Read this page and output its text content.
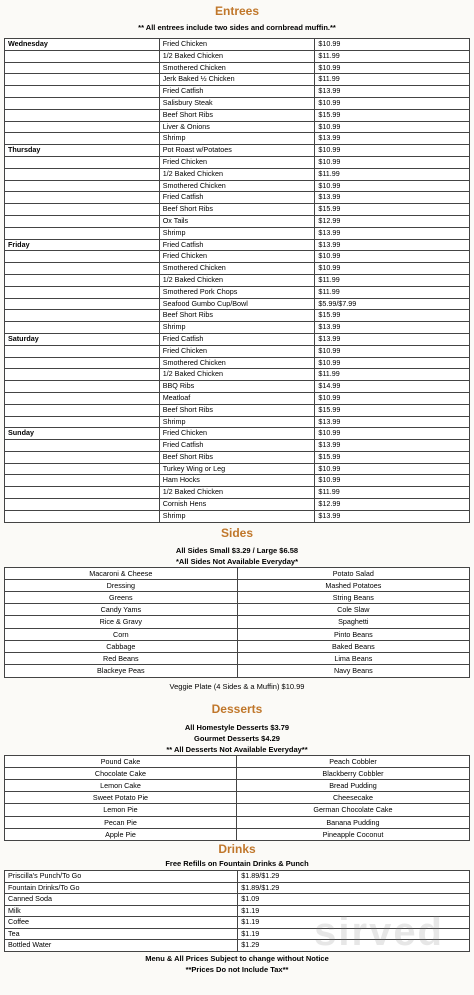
Entrees
** All entrees include two sides and cornbread muffin.**
Wednesday	Fried Chicken	$10.99
	1/2 Baked Chicken	$11.99
	Smothered Chicken	$10.99
	Jerk Baked ½ Chicken	$11.99
	Fried Catfish	$13.99
	Salisbury Steak	$10.99
	Beef Short Ribs	$15.99
	Liver & Onions	$10.99
	Shrimp	$13.99
Thursday	Pot Roast w/Potatoes	$10.99
	Fried Chicken	$10.99
	1/2 Baked Chicken	$11.99
	Smothered Chicken	$10.99
	Fried Catfish	$13.99
	Beef Short Ribs	$15.99
	Ox Tails	$12.99
	Shrimp	$13.99
Friday	Fried Catfish	$13.99
	Fried Chicken	$10.99
	Smothered Chicken	$10.99
	1/2 Baked Chicken	$11.99
	Smothered Pork Chops	$11.99
	Seafood Gumbo Cup/Bowl	$5.99/$7.99
	Beef Short Ribs	$15.99
	Shrimp	$13.99
Saturday	Fried Catfish	$13.99
	Fried Chicken	$10.99
	Smothered Chicken	$10.99
	1/2 Baked Chicken	$11.99
	BBQ Ribs	$14.99
	Meatloaf	$10.99
	Beef Short Ribs	$15.99
	Shrimp	$13.99
Sunday	Fried Chicken	$10.99
	Fried Catfish	$13.99
	Beef Short Ribs	$15.99
	Turkey Wing or Leg	$10.99
	Ham Hocks	$10.99
	1/2 Baked Chicken	$11.99
	Cornish Hens	$12.99
	Shrimp	$13.99
Sides
All Sides Small $3.29 / Large $6.58
*All Sides Not Available Everyday*
Macaroni & Cheese	Potato Salad
Dressing	Mashed Potatoes
Greens	String Beans
Candy Yams	Cole Slaw
Rice & Gravy	Spaghetti
Corn	Pinto Beans
Cabbage	Baked Beans
Red Beans	Lima Beans
Blackeye Peas	Navy Beans
Veggie Plate (4 Sides & a Muffin) $10.99
Desserts
All Homestyle Desserts $3.79
Gourmet Desserts $4.29
** All Desserts Not Available Everyday**
Pound Cake	Peach Cobbler
Chocolate Cake	Blackberry Cobbler
Lemon Cake	Bread Pudding
Sweet Potato Pie	Cheesecake
Lemon Pie	German Chocolate Cake
Pecan Pie	Banana Pudding
Apple Pie	Pineapple Coconut
Drinks
Free Refills on Fountain Drinks & Punch
Priscilla's Punch/To Go	$1.89/$1.29
Fountain Drinks/To Go	$1.89/$1.29
Canned Soda	$1.09
Milk	$1.19
Coffee	$1.19
Tea	$1.19
Bottled Water	$1.29
Menu & All Prices Subject to change without Notice
**Prices Do not Include Tax**
sirved
